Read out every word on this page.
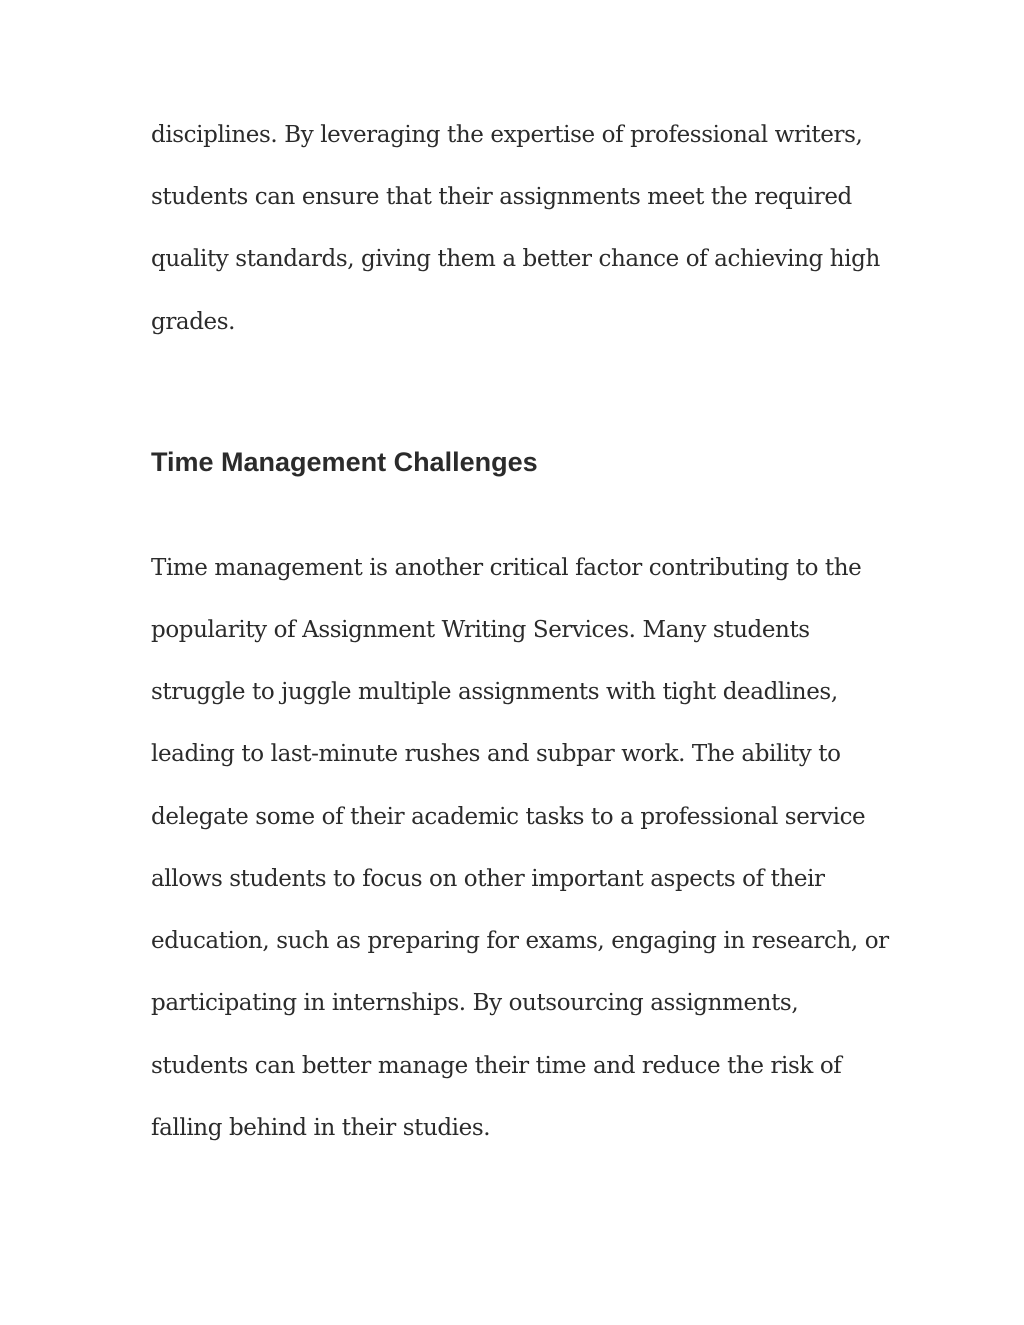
disciplines. By leveraging the expertise of professional writers,

students can ensure that their assignments meet the required

quality standards, giving them a better chance of achieving high

grades.

Time Management Challenges

Time management is another critical factor contributing to the

popularity of Assignment Writing Services. Many students

struggle to juggle multiple assignments with tight deadlines,

leading to last-minute rushes and subpar work. The ability to

delegate some of their academic tasks to a professional service

allows students to focus on other important aspects of their

education, such as preparing for exams, engaging in research, or

participating in internships. By outsourcing assignments,

students can better manage their time and reduce the risk of

falling behind in their studies.
